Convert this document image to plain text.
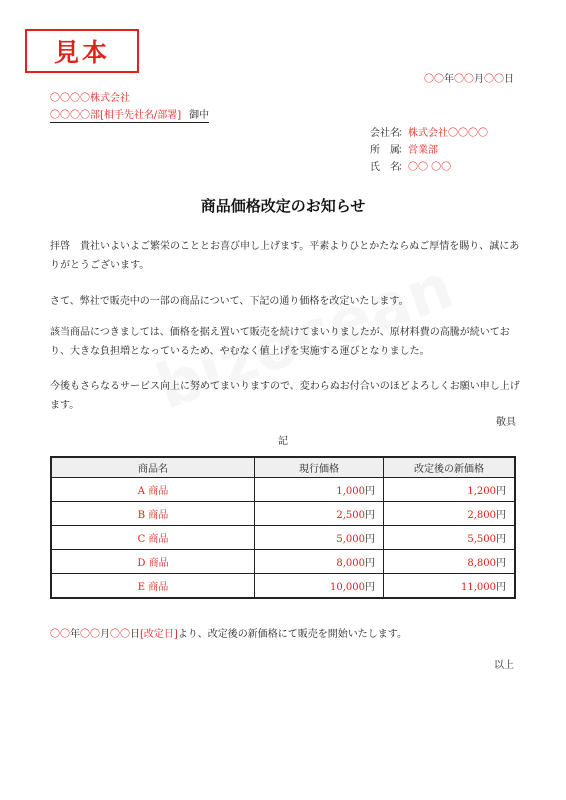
見本
〇〇年〇〇月〇〇日
〇〇〇〇株式会社
〇〇〇〇部[相手先社名/部署] 御中
会社名：株式会社〇〇〇〇
所　属：営業部
氏　名：〇〇 〇〇
商品価格改定のお知らせ
拝啓　貴社いよいよご繁栄のこととお喜び申し上げます。平素よりひとかたならぬご厚情を賜り、誠にありがとうございます。
さて、弊社で販売中の一部の商品について、下記の通り価格を改定いたします。
該当商品につきましては、価格を据え置いて販売を続けてまいりましたが、原材料費の高騰が続いており、大きな負担増となっているため、やむなく値上げを実施する運びとなりました。
今後もさらなるサービス向上に努めてまいりますので、変わらぬお付合いのほどよろしくお願い申し上げます。
敬具
記
商品名	現行価格	改定後の新価格
A 商品	1,000円	1,200円
B 商品	2,500円	2,800円
C 商品	5,000円	5,500円
D 商品	8,000円	8,800円
E 商品	10,000円	11,000円
〇〇年〇〇月〇〇日[改定日]より、改定後の新価格にて販売を開始いたします。
以上
